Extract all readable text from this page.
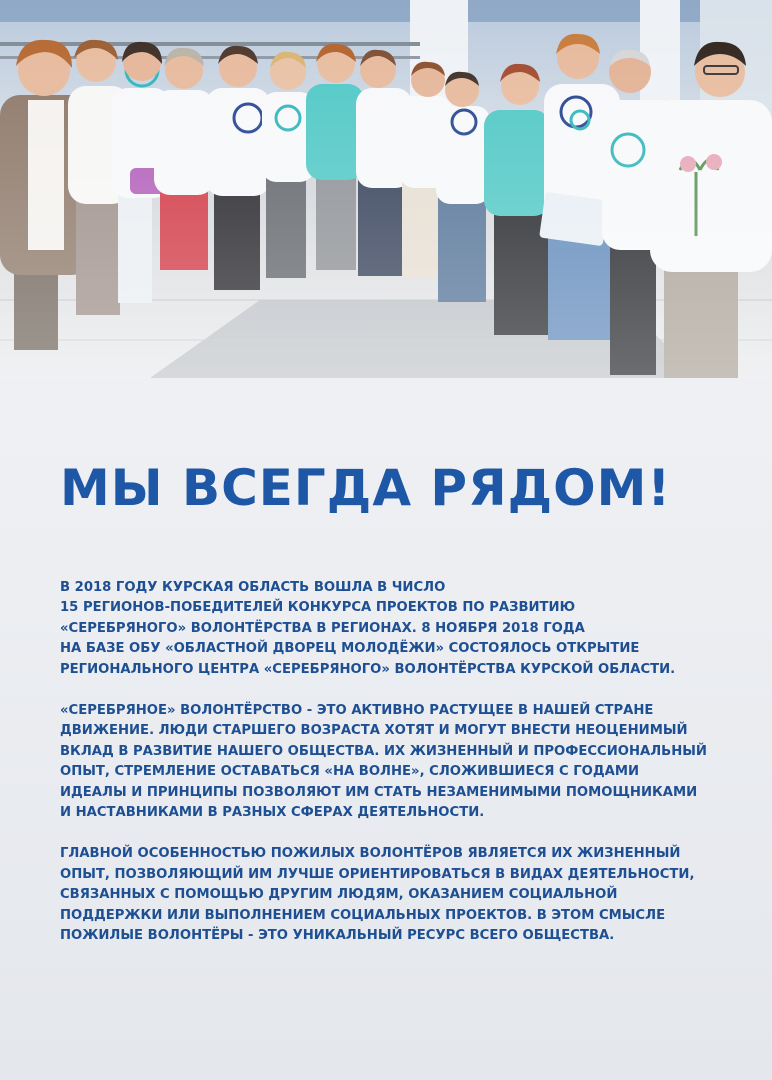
МЫ ВСЕГДА РЯДОМ!

В 2018 ГОДУ КУРСКАЯ ОБЛАСТЬ ВОШЛА В ЧИСЛО
15 РЕГИОНОВ-ПОБЕДИТЕЛЕЙ КОНКУРСА ПРОЕКТОВ ПО РАЗВИТИЮ
«СЕРЕБРЯНОГО» ВОЛОНТЁРСТВА В РЕГИОНАХ. 8 НОЯБРЯ 2018 ГОДА
НА БАЗЕ ОБУ «ОБЛАСТНОЙ ДВОРЕЦ МОЛОДЁЖИ» СОСТОЯЛОСЬ ОТКРЫТИЕ
РЕГИОНАЛЬНОГО ЦЕНТРА «СЕРЕБРЯНОГО» ВОЛОНТЁРСТВА КУРСКОЙ ОБЛАСТИ.

«СЕРЕБРЯНОЕ» ВОЛОНТЁРСТВО - ЭТО АКТИВНО РАСТУЩЕЕ В НАШЕЙ СТРАНЕ
ДВИЖЕНИЕ. ЛЮДИ СТАРШЕГО ВОЗРАСТА ХОТЯТ И МОГУТ ВНЕСТИ НЕОЦЕНИМЫЙ
ВКЛАД В РАЗВИТИЕ НАШЕГО ОБЩЕСТВА. ИХ ЖИЗНЕННЫЙ И ПРОФЕССИОНАЛЬНЫЙ
ОПЫТ, СТРЕМЛЕНИЕ ОСТАВАТЬСЯ «НА ВОЛНЕ», СЛОЖИВШИЕСЯ С ГОДАМИ
ИДЕАЛЫ И ПРИНЦИПЫ ПОЗВОЛЯЮТ ИМ СТАТЬ НЕЗАМЕНИМЫМИ ПОМОЩНИКАМИ
И НАСТАВНИКАМИ В РАЗНЫХ СФЕРАХ ДЕЯТЕЛЬНОСТИ.

ГЛАВНОЙ ОСОБЕННОСТЬЮ ПОЖИЛЫХ ВОЛОНТЁРОВ ЯВЛЯЕТСЯ ИХ ЖИЗНЕННЫЙ
ОПЫТ, ПОЗВОЛЯЮЩИЙ ИМ ЛУЧШЕ ОРИЕНТИРОВАТЬСЯ В ВИДАХ ДЕЯТЕЛЬНОСТИ,
СВЯЗАННЫХ С ПОМОЩЬЮ ДРУГИМ ЛЮДЯМ, ОКАЗАНИЕМ СОЦИАЛЬНОЙ
ПОДДЕРЖКИ ИЛИ ВЫПОЛНЕНИЕМ СОЦИАЛЬНЫХ ПРОЕКТОВ. В ЭТОМ СМЫСЛЕ
ПОЖИЛЫЕ ВОЛОНТЁРЫ - ЭТО УНИКАЛЬНЫЙ РЕСУРС ВСЕГО ОБЩЕСТВА.
